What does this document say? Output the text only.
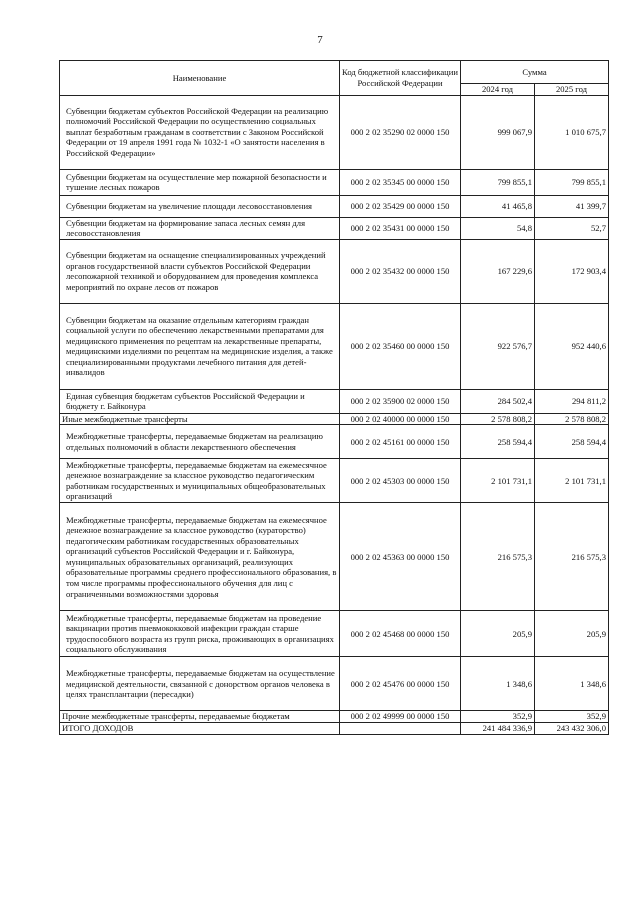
7
Наименование	Код бюджетной классификации Российской Федерации	Сумма	
		2024 год	2025 год
Субвенции бюджетам субъектов Российской Федерации на реализацию полномочий Российской Федерации по осуществлению социальных выплат безработным гражданам в соответствии с Законом Российской Федерации от 19 апреля 1991 года № 1032-1 «О занятости населения в Российской Федерации»	000 2 02 35290 02 0000 150	999 067,9	1 010 675,7
Субвенции бюджетам на осуществление мер пожарной безопасности и тушение лесных пожаров	000 2 02 35345 00 0000 150	799 855,1	799 855,1
Субвенции бюджетам на увеличение площади лесовосстановления	000 2 02 35429 00 0000 150	41 465,8	41 399,7
Субвенции бюджетам на формирование запаса лесных семян для лесовосстановления	000 2 02 35431 00 0000 150	54,8	52,7
Субвенции бюджетам на оснащение специализированных учреждений органов государственной власти субъектов Российской Федерации лесопожарной техникой и оборудованием для проведения комплекса мероприятий по охране лесов от пожаров	000 2 02 35432 00 0000 150	167 229,6	172 903,4
Субвенции бюджетам на оказание отдельным категориям граждан социальной услуги по обеспечению лекарственными препаратами для медицинского применения по рецептам на лекарственные препараты, медицинскими изделиями по рецептам на медицинские изделия, а также специализированными продуктами лечебного питания для детей-инвалидов	000 2 02 35460 00 0000 150	922 576,7	952 440,6
Единая субвенция бюджетам субъектов Российской Федерации и бюджету г. Байконура	000 2 02 35900 02 0000 150	284 502,4	294 811,2
Иные межбюджетные трансферты	000 2 02 40000 00 0000 150	2 578 808,2	2 578 808,2
Межбюджетные трансферты, передаваемые бюджетам на реализацию отдельных полномочий в области лекарственного обеспечения	000 2 02 45161 00 0000 150	258 594,4	258 594,4
Межбюджетные трансферты, передаваемые бюджетам на ежемесячное денежное вознаграждение за классное руководство педагогическим работникам государственных и муниципальных общеобразовательных организаций	000 2 02 45303 00 0000 150	2 101 731,1	2 101 731,1
Межбюджетные трансферты, передаваемые бюджетам на ежемесячное денежное вознаграждение за классное руководство (кураторство) педагогическим работникам государственных образовательных организаций субъектов Российской Федерации и г. Байконура, муниципальных образовательных организаций, реализующих образовательные программы среднего профессионального образования, в том числе программы профессионального обучения для лиц с ограниченными возможностями здоровья	000 2 02 45363 00 0000 150	216 575,3	216 575,3
Межбюджетные трансферты, передаваемые бюджетам на проведение вакцинации против пневмококковой инфекции граждан старше трудоспособного возраста из групп риска, проживающих в организациях социального обслуживания	000 2 02 45468 00 0000 150	205,9	205,9
Межбюджетные трансферты, передаваемые бюджетам на осуществление медицинской деятельности, связанной с донорством органов человека в целях трансплантации (пересадки)	000 2 02 45476 00 0000 150	1 348,6	1 348,6
Прочие межбюджетные трансферты, передаваемые бюджетам	000 2 02 49999 00 0000 150	352,9	352,9
ИТОГО ДОХОДОВ		241 484 336,9	243 432 306,0
